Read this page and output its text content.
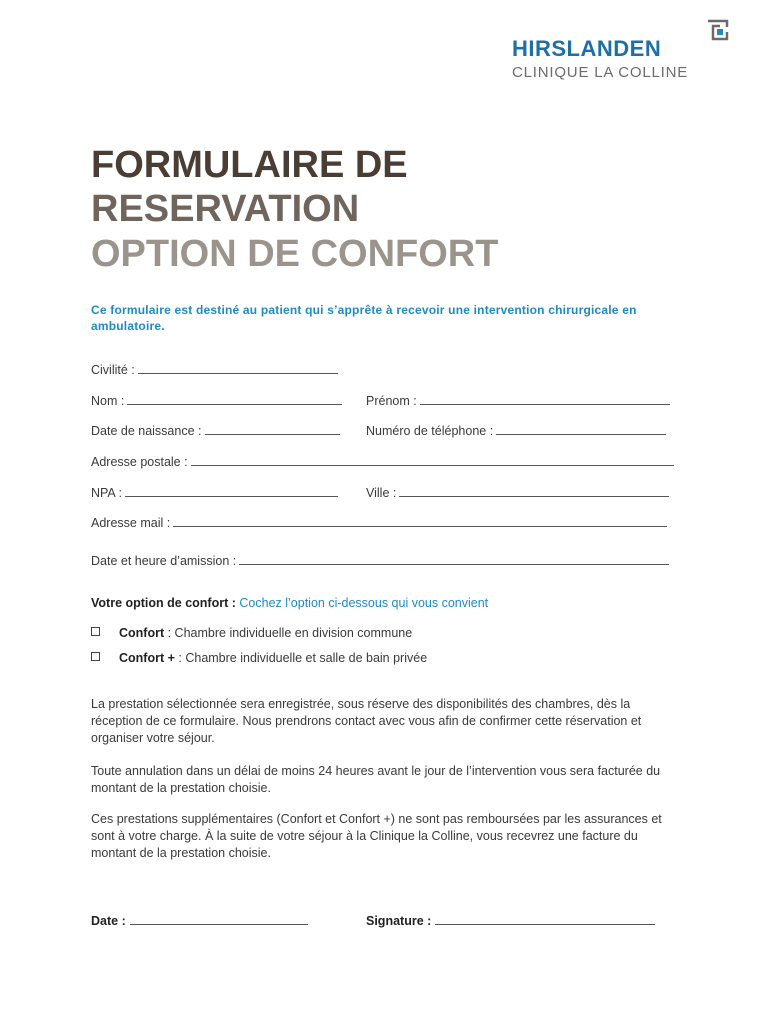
HIRSLANDEN
CLINIQUE LA COLLINE
FORMULAIRE DE
RESERVATION
OPTION DE CONFORT
Ce formulaire est destiné au patient qui s’apprête à recevoir une intervention chirurgicale en ambulatoire.
Civilité :
Nom :	Prénom :
Date de naissance :	Numéro de téléphone :
Adresse postale :
NPA :	Ville :
Adresse mail :
Date et heure d’amission :
Votre option de confort : Cochez l’option ci-dessous qui vous convient
Confort : Chambre individuelle en division commune
Confort + : Chambre individuelle et salle de bain privée
La prestation sélectionnée sera enregistrée, sous réserve des disponibilités des chambres, dès la réception de ce formulaire. Nous prendrons contact avec vous afin de confirmer cette réservation et organiser votre séjour.
Toute annulation dans un délai de moins 24 heures avant le jour de l’intervention vous sera facturée du montant de la prestation choisie.
Ces prestations supplémentaires (Confort et Confort +) ne sont pas remboursées par les assurances et sont à votre charge. À la suite de votre séjour à la Clinique la Colline, vous recevrez une facture du montant de la prestation choisie.
Date :	Signature :
